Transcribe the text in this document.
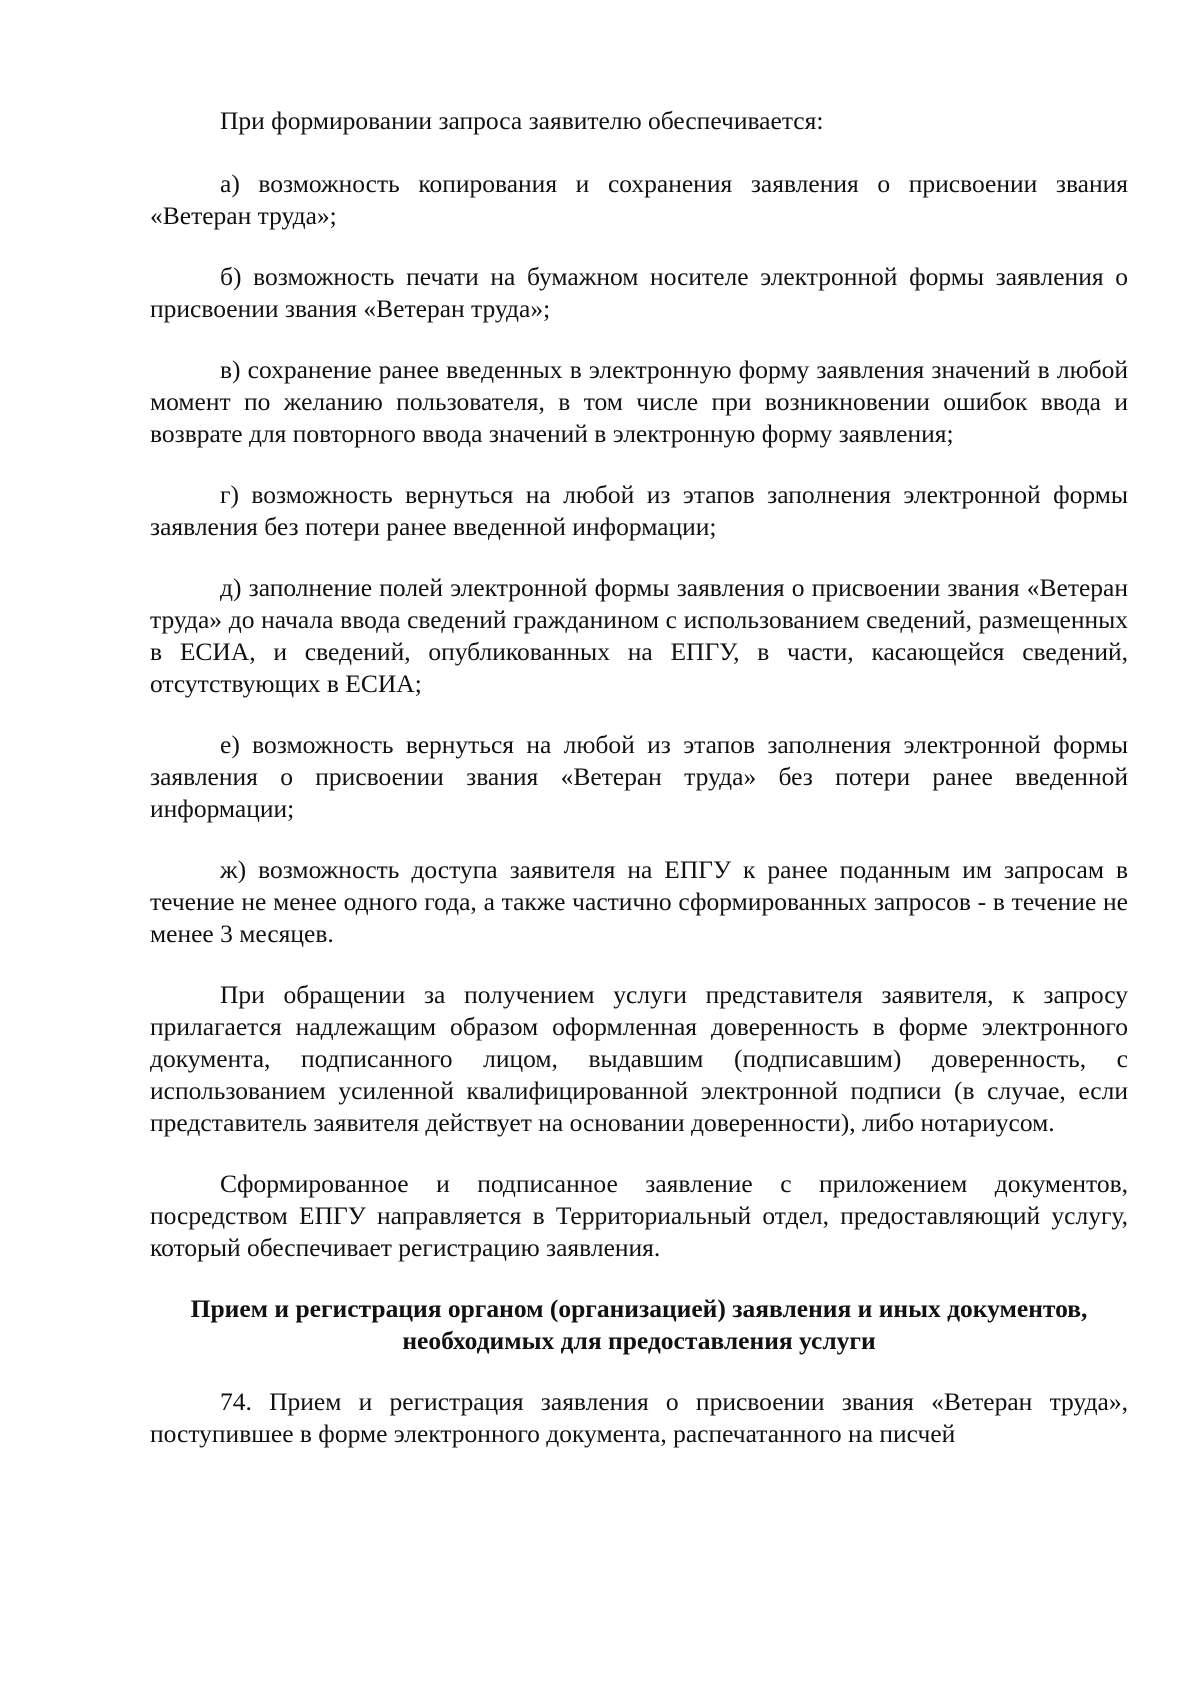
При формировании запроса заявителю обеспечивается:

а) возможность копирования и сохранения заявления о присвоении звания «Ветеран труда»;

б) возможность печати на бумажном носителе электронной формы заявления о присвоении звания «Ветеран труда»;

в) сохранение ранее введенных в электронную форму заявления значений в любой момент по желанию пользователя, в том числе при возникновении ошибок ввода и возврате для повторного ввода значений в электронную форму заявления;

г) возможность вернуться на любой из этапов заполнения электронной формы заявления без потери ранее введенной информации;

д) заполнение полей электронной формы заявления о присвоении звания «Ветеран труда» до начала ввода сведений гражданином с использованием сведений, размещенных в ЕСИА, и сведений, опубликованных на ЕПГУ, в части, касающейся сведений, отсутствующих в ЕСИА;

е) возможность вернуться на любой из этапов заполнения электронной формы заявления о присвоении звания «Ветеран труда» без потери ранее введенной информации;

ж) возможность доступа заявителя на ЕПГУ к ранее поданным им запросам в течение не менее одного года, а также частично сформированных запросов - в течение не менее 3 месяцев.

При обращении за получением услуги представителя заявителя, к запросу прилагается надлежащим образом оформленная доверенность в форме электронного документа, подписанного лицом, выдавшим (подписавшим) доверенность, с использованием усиленной квалифицированной электронной подписи (в случае, если представитель заявителя действует на основании доверенности), либо нотариусом.

Сформированное и подписанное заявление с приложением документов, посредством ЕПГУ направляется в Территориальный отдел, предоставляющий услугу, который обеспечивает регистрацию заявления.

Прием и регистрация органом (организацией) заявления и иных документов, необходимых для предоставления услуги

74. Прием и регистрация заявления о присвоении звания «Ветеран труда», поступившее в форме электронного документа, распечатанного на писчей
